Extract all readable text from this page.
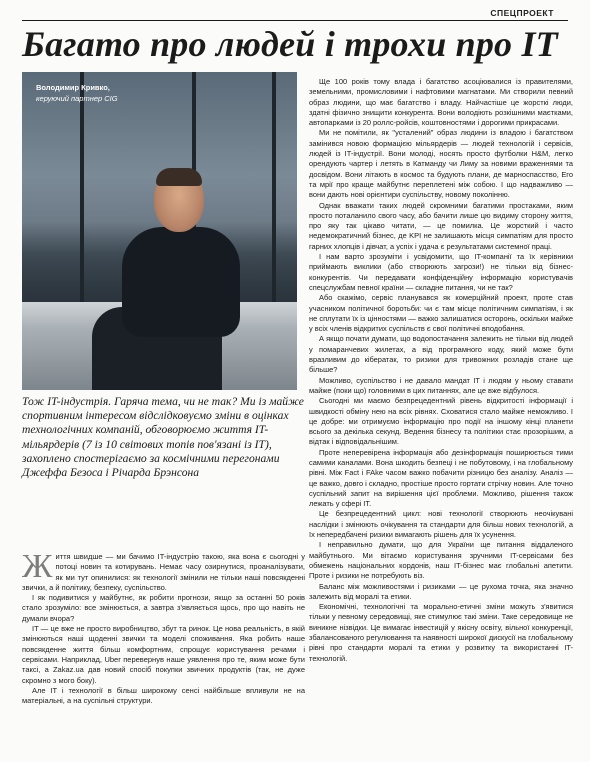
СПЕЦПРОЕКТ
Багато про людей і трохи про IT
Володимир Кривко,
керуючий партнер CIG

Тож IT-індустрія. Гаряча тема, чи не так? Ми із майже спортивним інтересом відслідковуємо зміни в оцінках технологічних компаній, обговорюємо життя IT-мільярдерів (7 із 10 світових топів пов'язані із IT), захоплено спостерігаємо за космічними перегонами Джеффа Безоса і Річарда Брэнсона

Життя швидше — ми бачимо IT-індустрію такою, яка вона є сьогодні у потоці новин та котирувань. Немає часу озирнутися, проаналізувати, як ми тут опинилися: як технології змінили не тільки наші повсякденні звички, а й політику, безпеку, суспільство.

І як подивитися у майбутнє, як робити прогнози, якщо за останні 50 років стало зрозуміло: все змінюється, а завтра з'являється щось, про що навіть не думали вчора?

IT — це вже не просто виробництво, збут та ринок. Це нова реальність, в якій змінюються наші щоденні звички та моделі споживання. Яка робить наше повсякденне життя більш комфортним, спрощує користування речами і сервісами. Наприклад, Uber перевернув наше уявлення про те, яким може бути таксі, а Zakaz.ua дав новий спосіб покупки звичних продуктів (так, не дуже скромно з мого боку).

Але IT і технології в більш широкому сенсі найбільше впливули не на матеріальні, а на суспільні структури.

Ще 100 років тому влада і багатство асоціювалися із правителями, земельними, промисловими і нафтовими магнатами. Ми створили певний образ людини, що має багатство і владу. Найчастіше це жорсткі люди, здатні фізично знищити конкурента. Вони володіють розкішними маєтками, автопарками із 20 роллс-ройсів, коштовностями і дорогими прикрасами.

Ми не помітили, як "усталений" образ людини із владою і багатством замінився новою формацією мільярдерів — людей технологій і сервісів, людей із IT-індустрії. Вони молоді, носять просто футболки H&M, легко орендують чартер і летять в Катманду чи Лиму за новими враженнями та досвідом. Вони літають в космос та будують плани, де марноспасство, Его та мрії про краще майбутнє переплетені між собою. І що надважливо — вони дають нові орієнтири суспільству, новому поколінню.

Однак вважати таких людей скромними багатими простаками, яким просто поталанило свого часу, або бачити лише цю видиму сторону життя, про яку так цікаво читати, — це помилка. Це жорсткий і часто недемократичний бізнес, де KPI не залишають місця симпатіям для просто гарних хлопців і дівчат, а успіх і удача є результатами системної праці.

І нам варто зрозуміти і усвідомити, що IT-компанії та їх керівники приймають виклики (або створюють загрози!) не тільки від бізнес-конкурентів. Чи передавати конфіденційну інформацію користувачів спецслужбам певної країни — складне питання, чи не так?

Або скажімо, сервіс планувався як комерційний проект, проте став учасником політичної боротьби: чи є там місце політичним симпатіям, і як не сплутати їх із цінностями — важко залишатися осторонь, оскільки майже у всіх членів відкритих суспільств є свої політичні вподобання.

А якщо почати думати, що водопостачання залежить не тільки від людей у помаранчевих жилетах, а від програмного коду, який може бути вразливим до кібератак, то ризики для тривожних розладів стане ще більше?

Можливо, суспільство і не давало мандат IT і людям у ньому ставати майже (поки що) головними в цих питаннях, але це вже відбулося.

Сьогодні ми маємо безпрецедентний рівень відкритості інформації і швидкості обміну нею на всіх рівнях. Сховатися стало майже неможливо. І це добре: ми отримуємо інформацію про події на іншому кінці планети всього за декілька секунд. Ведення бізнесу та політики стає прозорішим, а відтак і відповідальнішим.

Проте неперевірена інформація або дезінформація поширюється тими самими каналами. Вона шкодить безпеці і не побутовому, і на глобальному рівні. Між Fact і FAke часом важко побачити різницю без аналізу. Аналіз — це важко, довго і складно, простіше просто гортати стрічку новин. Але точно суспільний запит на вирішення цієї проблеми. Можливо, рішення також лежать у сфері IT.

Це безпрецедентний цикл: нові технології створюють неочікувані наслідки і змінюють очікування та стандарти для більш нових технологій, а їх непередбачені ризики вимагають рішень для їх усунення.

І неправильно думати, що для України ще питання віддаленого майбутнього. Ми вітаємо користування зручними IT-сервісами без обмежень національних кордонів, наш IT-бізнес має глобальні апетити. Проте і ризики не потребують віз.

Баланс між можливостями і ризиками — це рухома точка, яка значно залежить від моралі та етики.

Економічні, технологічні та морально-етичні зміни можуть з'явитися тільки у певному середовищі, яке стимулює такі зміни. Таке середовище не виникне нізвідки. Це вимагає інвестицій у якісну освіту, вільної конкуренції, збалансованого регулювання та наявності широкої дискусії на глобальному рівні про стандарти моралі та етики у розвитку та використанні IT-технологій.
